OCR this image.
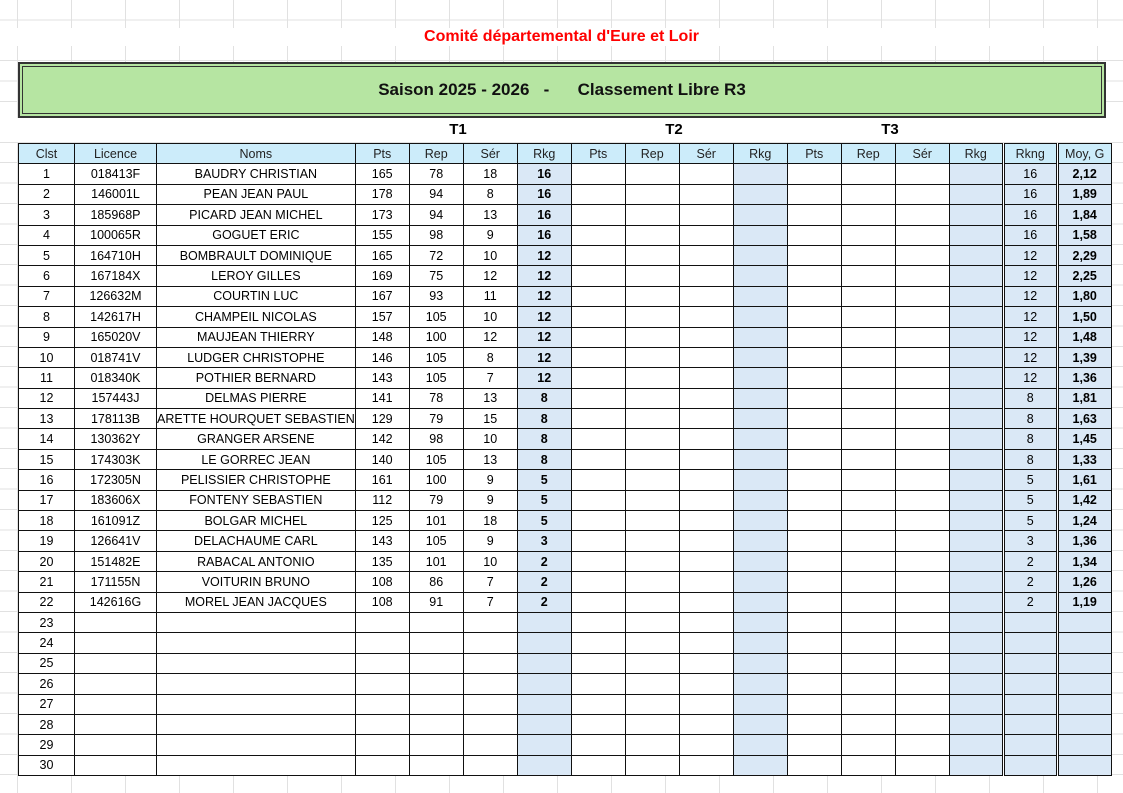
Comité départemental d'Eure et Loir
Saison 2025 - 2026
-
Classement Libre R3
T1	T2	T3
Clst	Licence	Noms	Pts	Rep	Sér	Rkg	Pts	Rep	Sér	Rkg	Pts	Rep	Sér	Rkg	Rkng	Moy, G
1	018413F	BAUDRY CHRISTIAN	165	78	18	16									16	2,12
2	146001L	PEAN JEAN PAUL	178	94	8	16									16	1,89
3	185968P	PICARD JEAN MICHEL	173	94	13	16									16	1,84
4	100065R	GOGUET ERIC	155	98	9	16									16	1,58
5	164710H	BOMBRAULT DOMINIQUE	165	72	10	12									12	2,29
6	167184X	LEROY GILLES	169	75	12	12									12	2,25
7	126632M	COURTIN LUC	167	93	11	12									12	1,80
8	142617H	CHAMPEIL NICOLAS	157	105	10	12									12	1,50
9	165020V	MAUJEAN THIERRY	148	100	12	12									12	1,48
10	018741V	LUDGER CHRISTOPHE	146	105	8	12									12	1,39
11	018340K	POTHIER BERNARD	143	105	7	12									12	1,36
12	157443J	DELMAS PIERRE	141	78	13	8									8	1,81
13	178113B	ARETTE HOURQUET SEBASTIEN	129	79	15	8									8	1,63
14	130362Y	GRANGER ARSENE	142	98	10	8									8	1,45
15	174303K	LE GORREC JEAN	140	105	13	8									8	1,33
16	172305N	PELISSIER CHRISTOPHE	161	100	9	5									5	1,61
17	183606X	FONTENY SEBASTIEN	112	79	9	5									5	1,42
18	161091Z	BOLGAR MICHEL	125	101	18	5									5	1,24
19	126641V	DELACHAUME CARL	143	105	9	3									3	1,36
20	151482E	RABACAL ANTONIO	135	101	10	2									2	1,34
21	171155N	VOITURIN BRUNO	108	86	7	2									2	1,26
22	142616G	MOREL JEAN JACQUES	108	91	7	2									2	1,19
23																
24																
25																
26																
27																
28																
29																
30																
